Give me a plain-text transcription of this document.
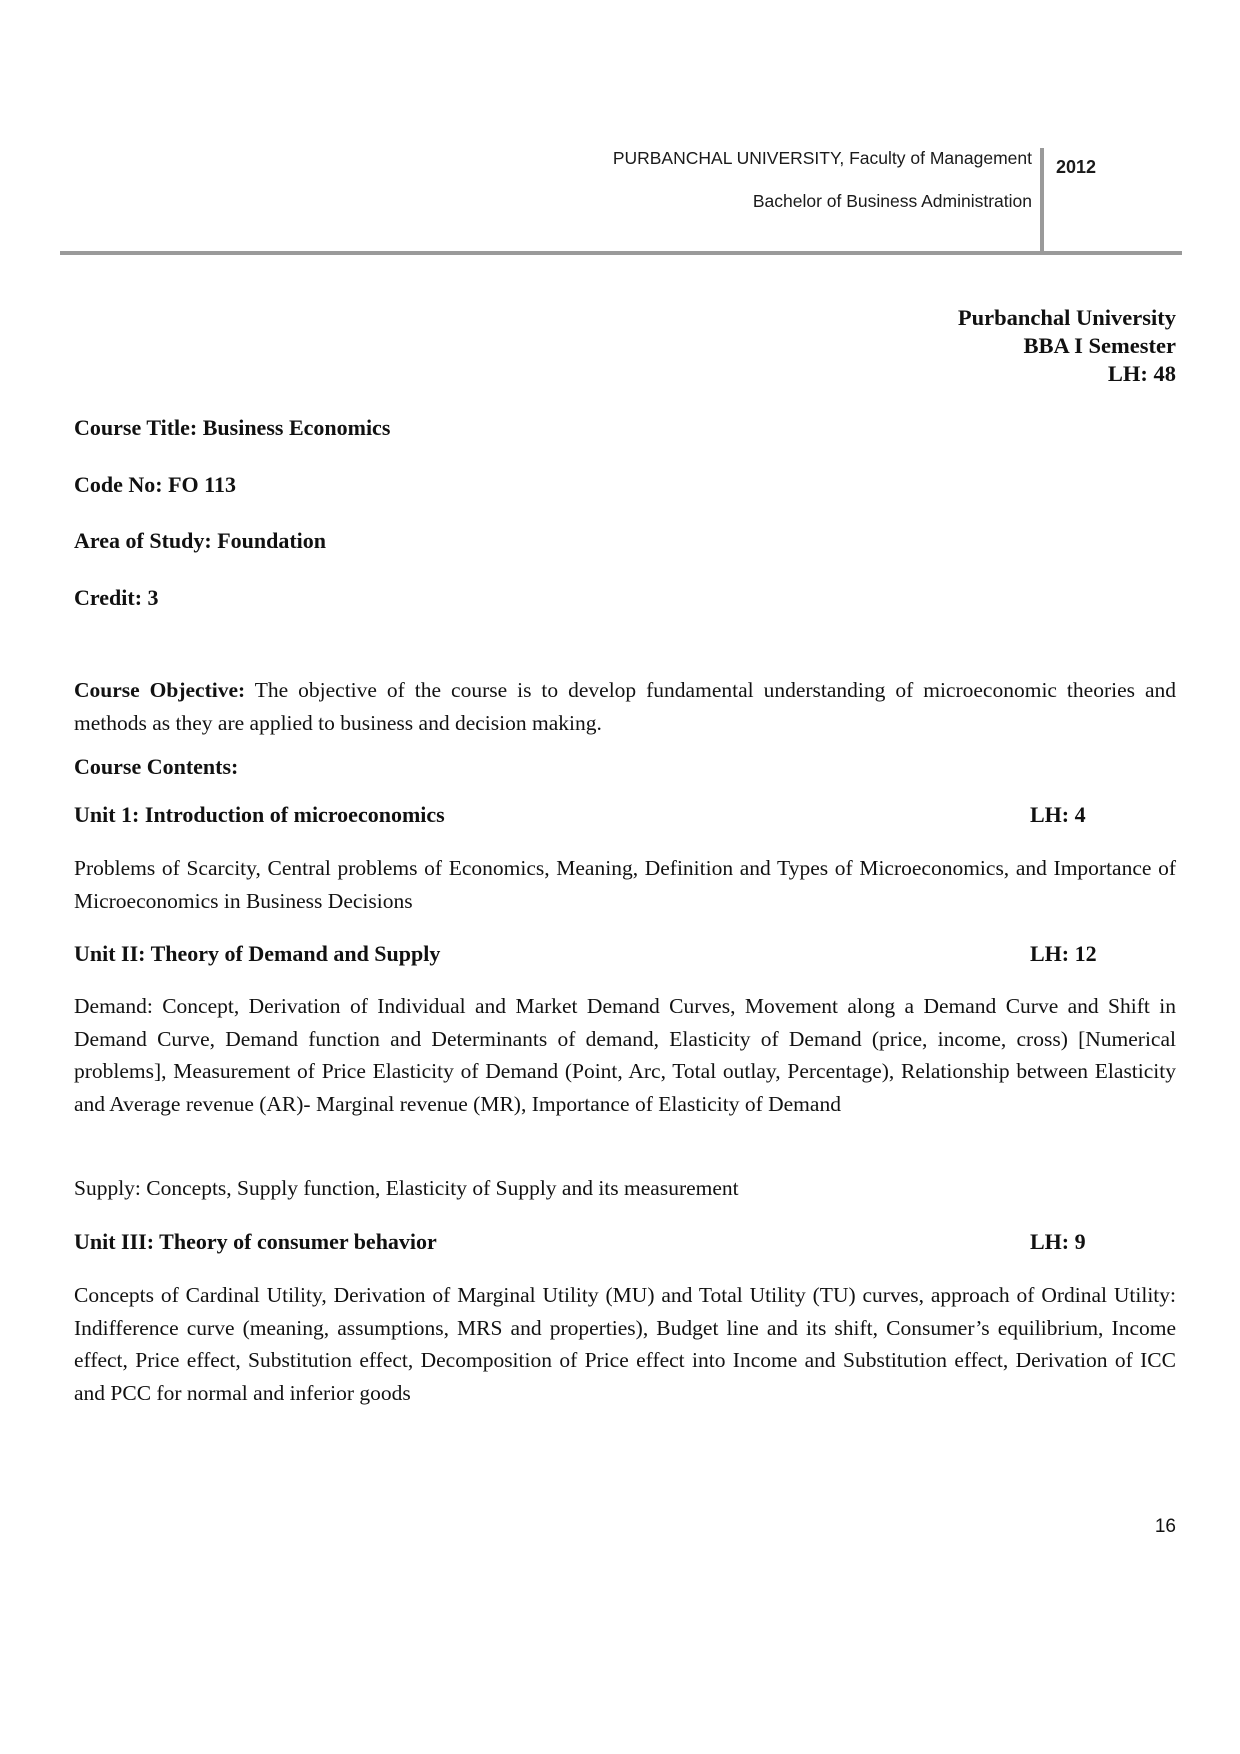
PURBANCHAL UNIVERSITY, Faculty of Management
Bachelor of Business Administration
2012
Purbanchal University
BBA I Semester
LH: 48
Course Title: Business Economics
Code No: FO 113
Area of Study: Foundation
Credit: 3
Course Objective: The objective of the course is to develop fundamental understanding of microeconomic theories and methods as they are applied to business and decision making.
Course Contents:
Unit 1: Introduction of microeconomics	LH: 4
Problems of Scarcity, Central problems of Economics, Meaning, Definition and Types of Microeconomics, and Importance of Microeconomics in Business Decisions
Unit II: Theory of Demand and Supply	LH: 12
Demand: Concept, Derivation of Individual and Market Demand Curves, Movement along a Demand Curve and Shift in Demand Curve, Demand function and Determinants of demand, Elasticity of Demand (price, income, cross) [Numerical problems], Measurement of Price Elasticity of Demand (Point, Arc, Total outlay, Percentage), Relationship between Elasticity and Average revenue (AR)- Marginal revenue (MR), Importance of Elasticity of Demand
Supply: Concepts, Supply function, Elasticity of Supply and its measurement
Unit III: Theory of consumer behavior	LH: 9
Concepts of Cardinal Utility, Derivation of Marginal Utility (MU) and Total Utility (TU) curves, approach of Ordinal Utility: Indifference curve (meaning, assumptions, MRS and properties), Budget line and its shift, Consumer’s equilibrium, Income effect, Price effect, Substitution effect, Decomposition of Price effect into Income and Substitution effect, Derivation of ICC and PCC for normal and inferior goods
16
